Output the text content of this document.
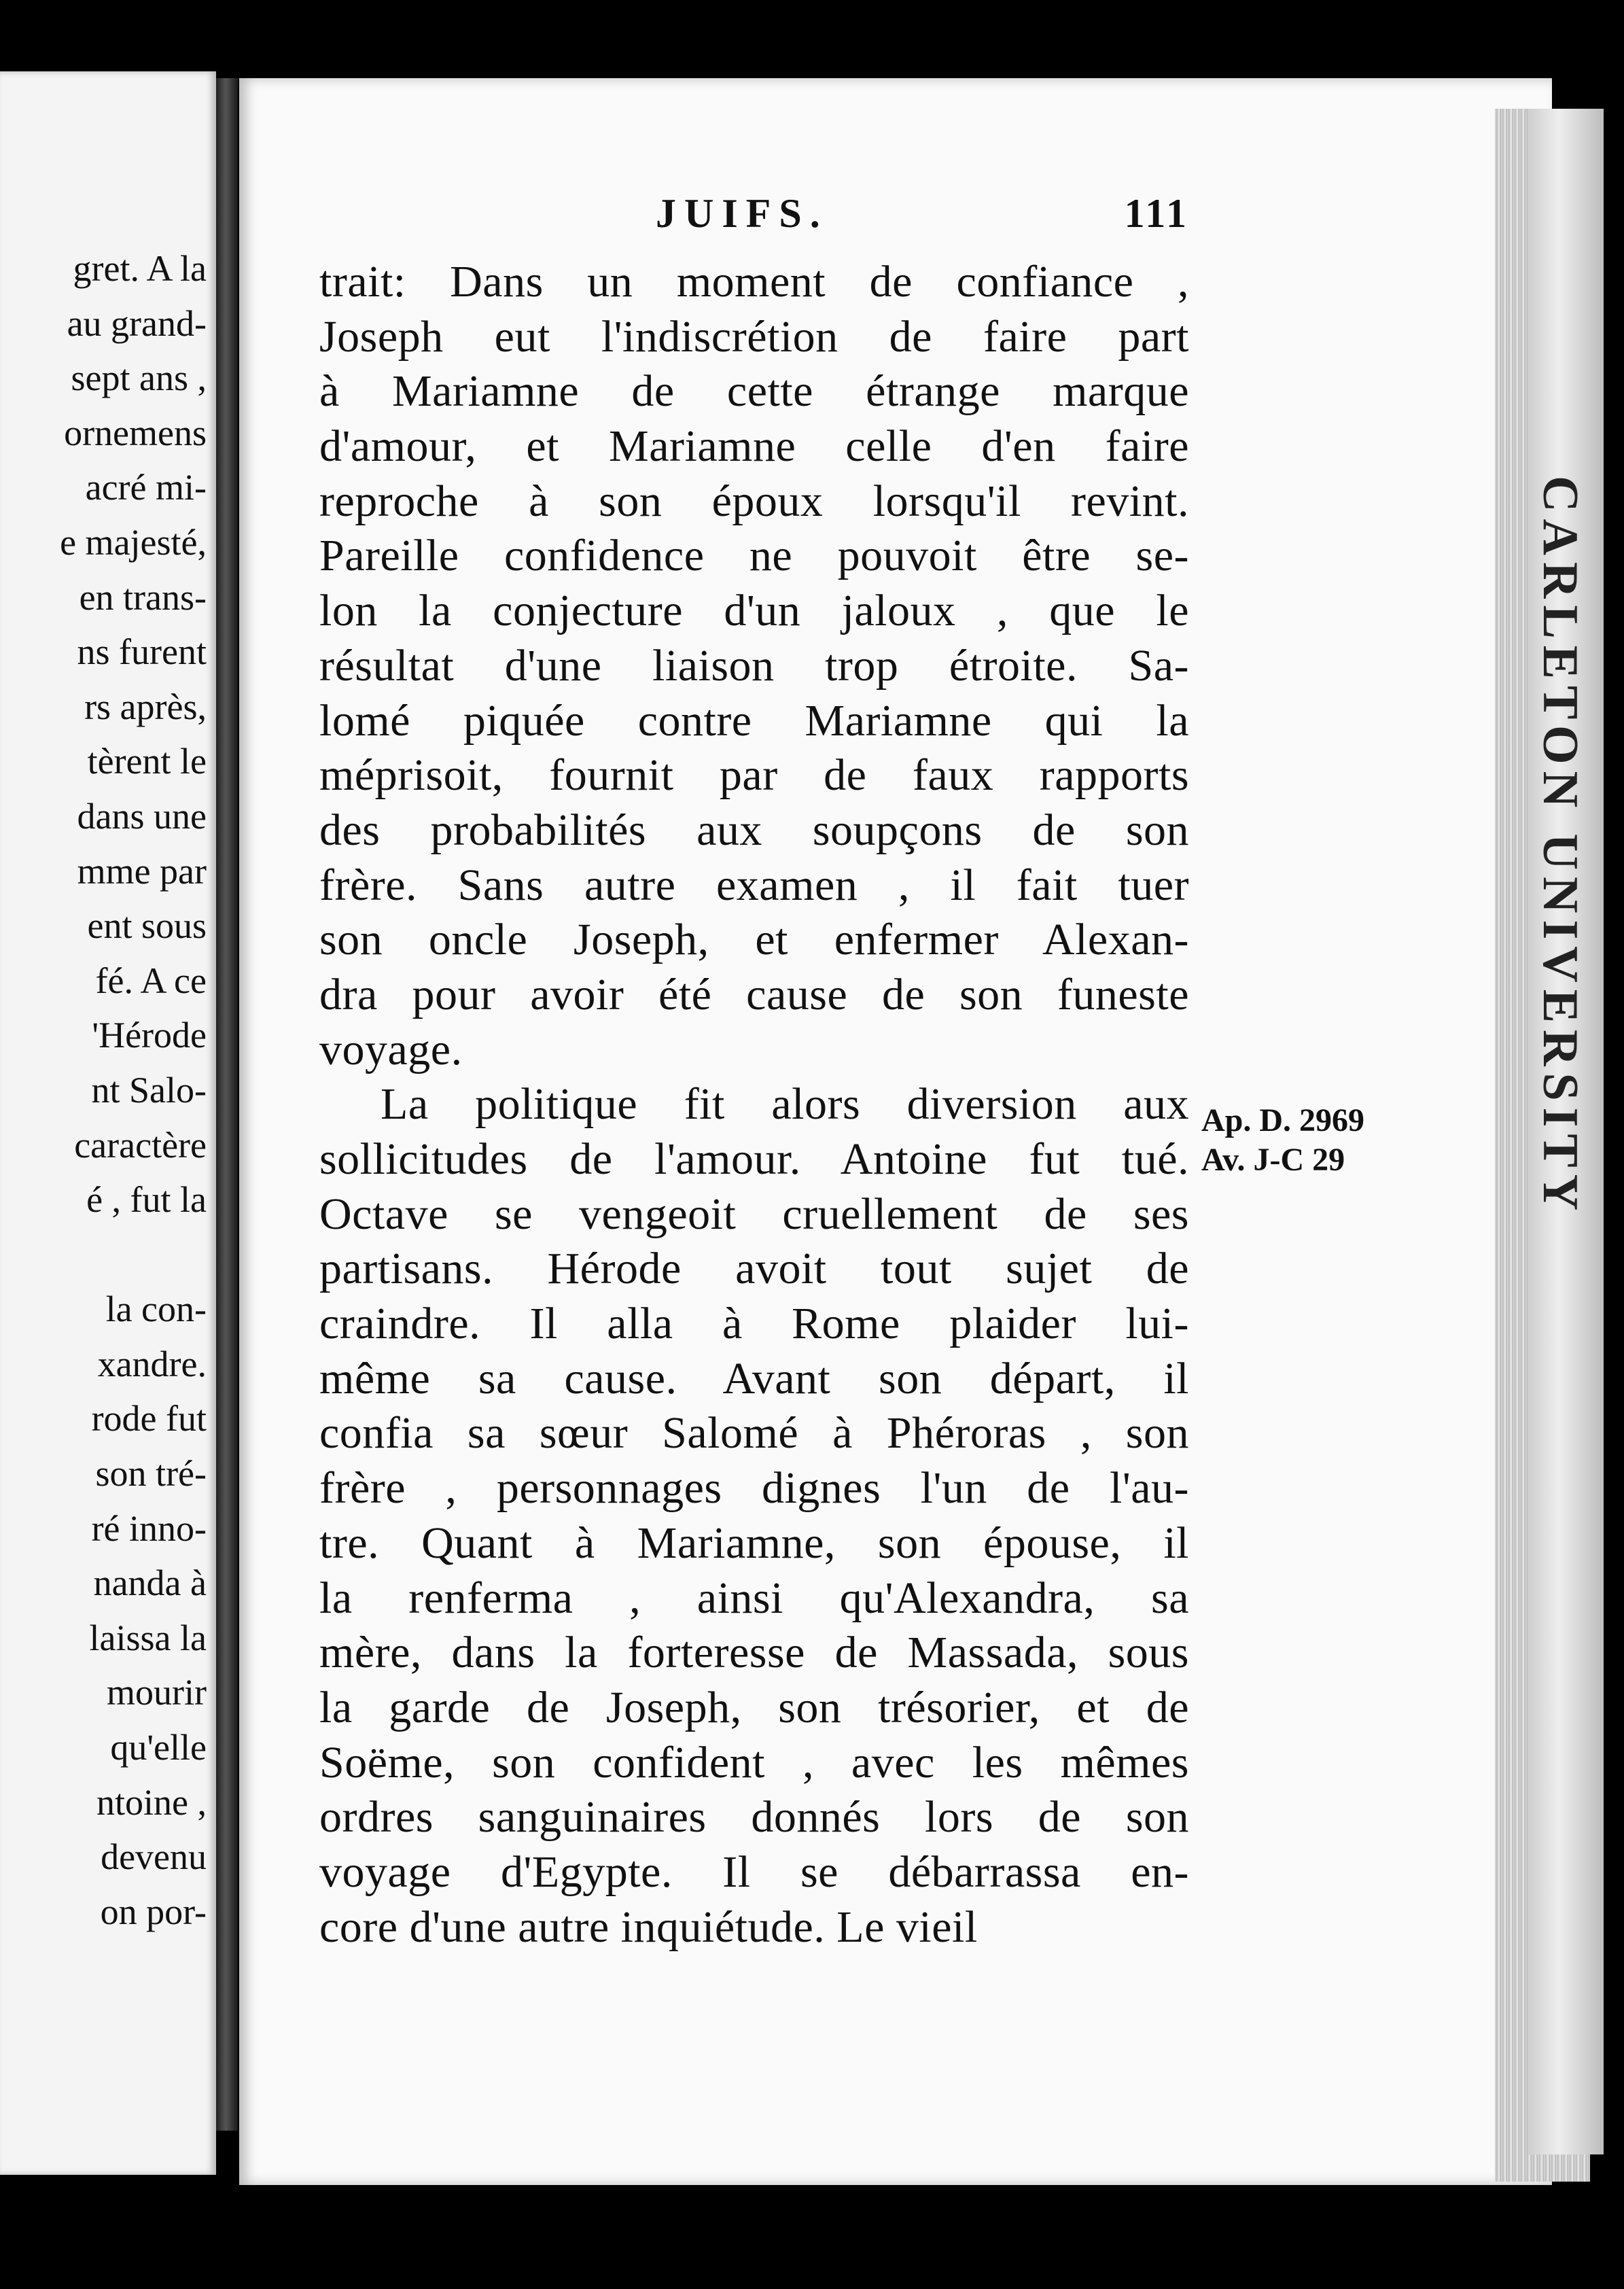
gret. A la
au grand-
sept ans ,
ornemens
acré mi-
e majesté,
en trans-
ns furent
rs après,
tèrent le
dans une
mme par
ent sous
fé. A ce
'Hérode
nt Salo-
caractère
é , fut la
la con-
xandre.
rode fut
son tré-
ré inno-
nanda à
laissa la
mourir
qu'elle
ntoine ,
devenu
on por-
CARLETON UNIVERSITY
JUIFS.	111
trait: Dans un moment de confiance ,
Joseph eut l'indiscrétion de faire part
à Mariamne de cette étrange marque
d'amour, et Mariamne celle d'en faire
reproche à son époux lorsqu'il revint.
Pareille confidence ne pouvoit être se-
lon la conjecture d'un jaloux , que le
résultat d'une liaison trop étroite. Sa-
lomé piquée contre Mariamne qui la
méprisoit, fournit par de faux rapports
des probabilités aux soupçons de son
frère. Sans autre examen , il fait tuer
son oncle Joseph, et enfermer Alexan-
dra pour avoir été cause de son funeste
voyage.
La politique fit alors diversion aux
sollicitudes de l'amour. Antoine fut tué.
Octave se vengeoit cruellement de ses
partisans. Hérode avoit tout sujet de
craindre. Il alla à Rome plaider lui-
même sa cause. Avant son départ, il
confia sa sœur Salomé à Phéroras , son
frère , personnages dignes l'un de l'au-
tre. Quant à Mariamne, son épouse, il
la renferma , ainsi qu'Alexandra, sa
mère, dans la forteresse de Massada, sous
la garde de Joseph, son trésorier, et de
Soëme, son confident , avec les mêmes
ordres sanguinaires donnés lors de son
voyage d'Egypte. Il se débarrassa en-
core d'une autre inquiétude. Le vieil
Ap. D. 2969
Av. J-C 29
